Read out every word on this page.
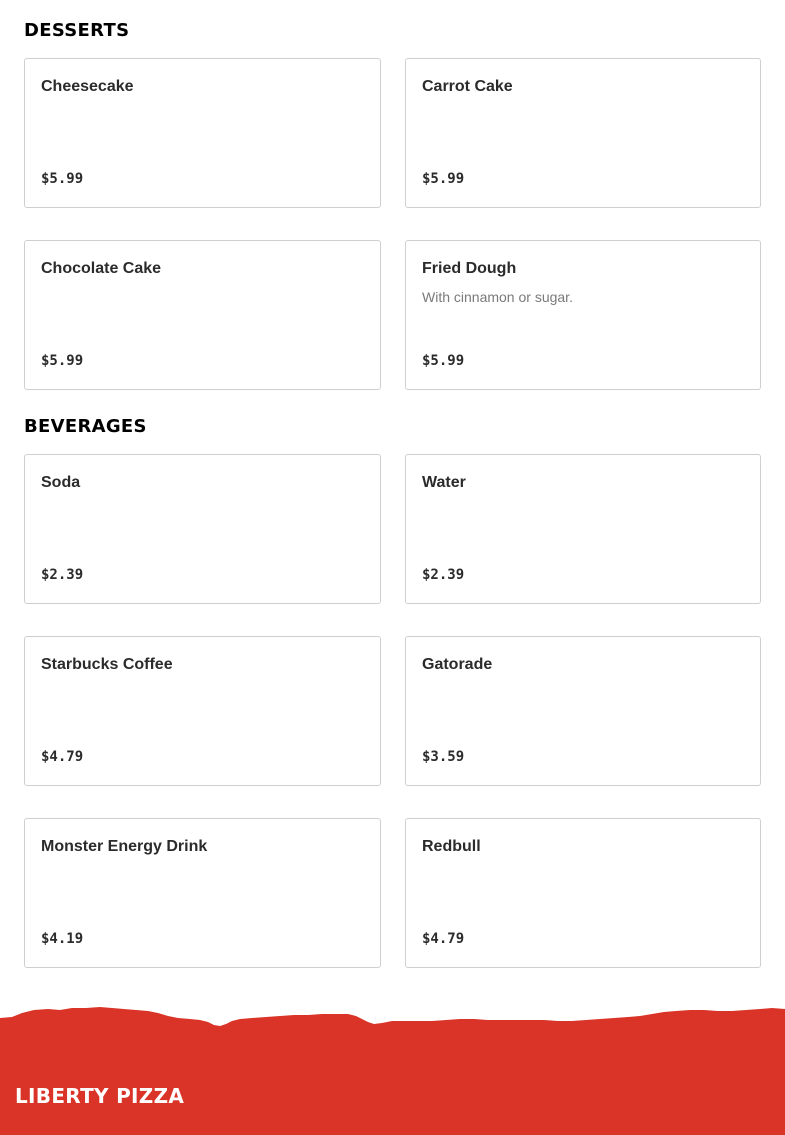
DESSERTS
Cheesecake
$5.99
Carrot Cake
$5.99
Chocolate Cake
$5.99
Fried Dough
With cinnamon or sugar.
$5.99
BEVERAGES
Soda
$2.39
Water
$2.39
Starbucks Coffee
$4.79
Gatorade
$3.59
Monster Energy Drink
$4.19
Redbull
$4.79
LIBERTY PIZZA
